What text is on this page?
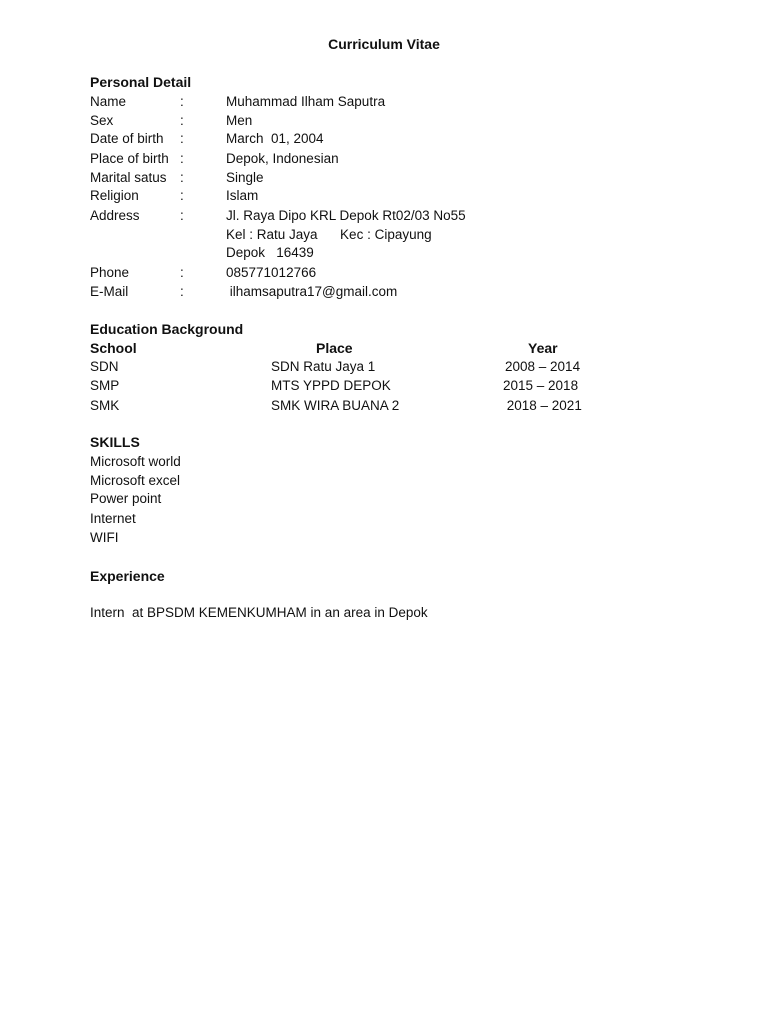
Curriculum Vitae
Personal Detail
Name	:	Muhammad Ilham Saputra
Sex	:	Men
Date of birth :	March  01, 2004
Place of birth :	Depok, Indonesian
Marital satus :	Single
Religion	:	Islam
Address	:	Jl. Raya Dipo KRL Depok Rt02/03 No55
Kel : Ratu Jaya      Kec : Cipayung
Depok   16439
Phone	:	085771012766
E-Mail	:	ilhamsaputra17@gmail.com
Education Background
School	Place	Year
SDN	SDN Ratu Jaya 1	2008 – 2014
SMP	MTS YPPD DEPOK	2015 – 2018
SMK	SMK WIRA BUANA 2	2018 – 2021
SKILLS
Microsoft world
Microsoft excel
Power point
Internet
WIFI
Experience
Intern  at BPSDM KEMENKUMHAM in an area in Depok
